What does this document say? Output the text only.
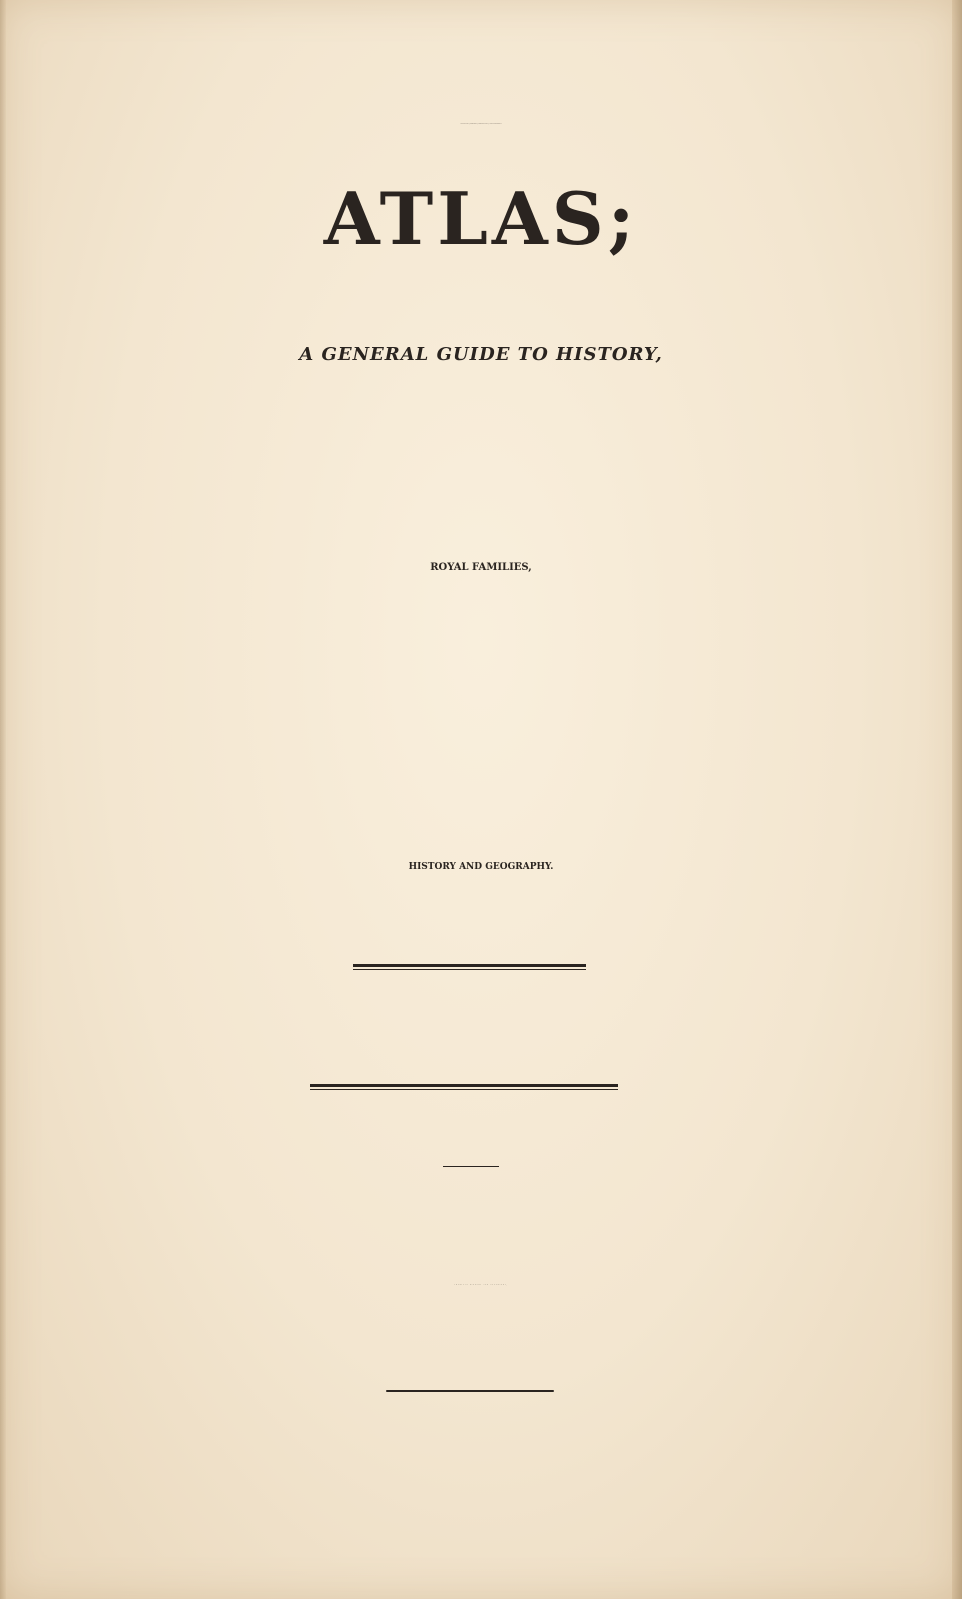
GENEALOGICAL, HISTORICAL, CHRONOLOGICAL, AND GEOGRAPHICAL
ATLAS;
A GENERAL GUIDE TO HISTORY,
ROYAL FAMILIES,
HISTORY AND GEOGRAPHY.
AMERICAN HISTORY AND GEOGRAPHY,
